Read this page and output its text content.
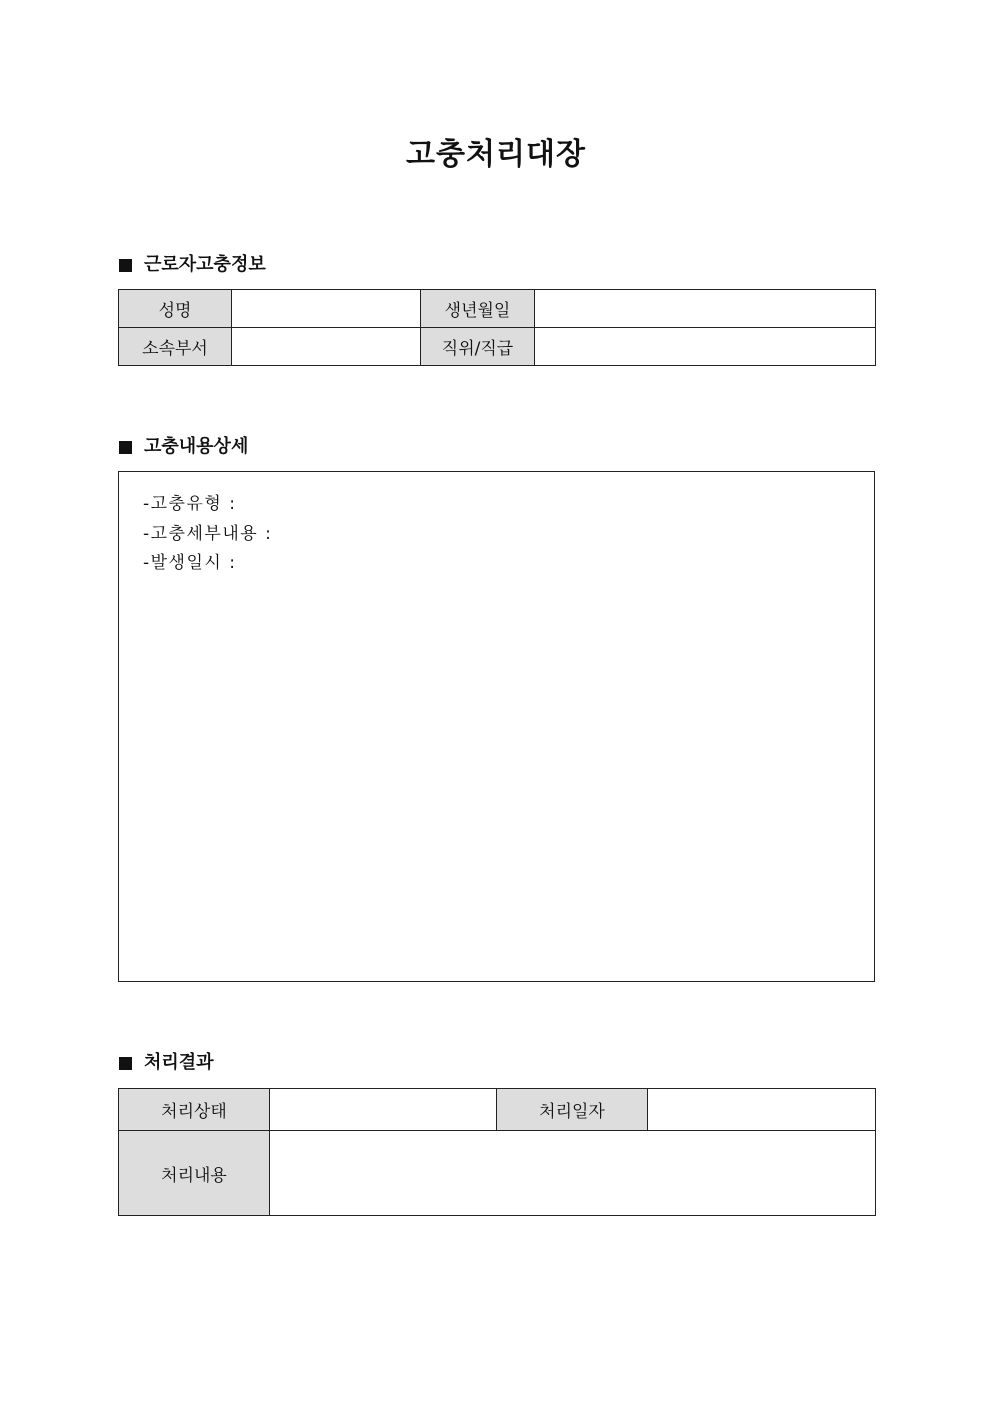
고충처리대장
근로자고충정보
성명		생년월일	
소속부서		직위/직급	
고충내용상세
-고충유형 :
-고충세부내용 :
-발생일시 :
처리결과
처리상태		처리일자	
처리내용			
